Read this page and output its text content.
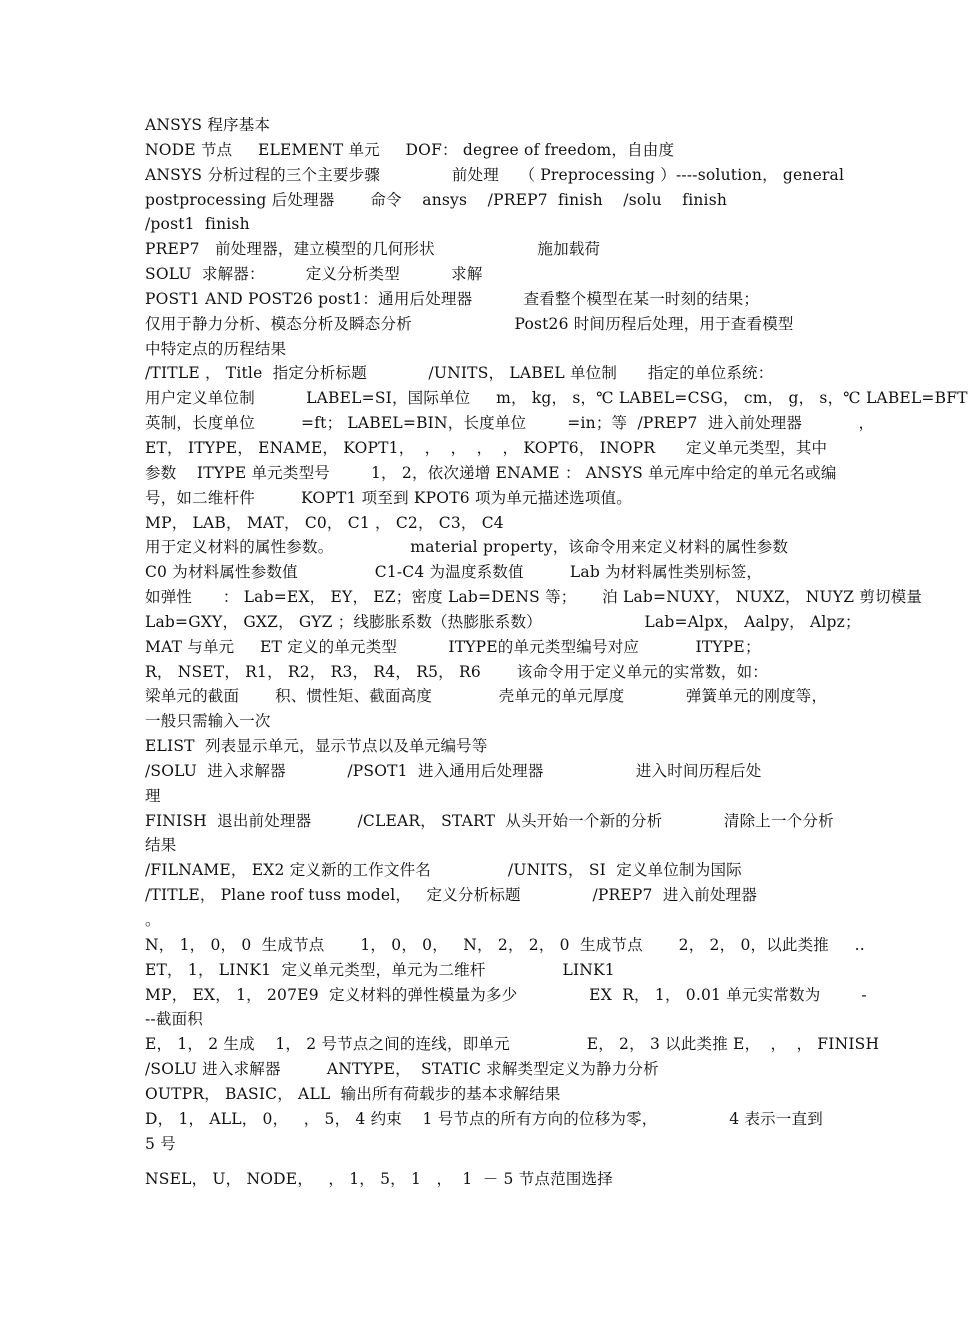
ANSYS 程序基本
NODE 节点     ELEMENT 单元     DOF： degree of freedom，自由度
ANSYS 分析过程的三个主要步骤              前处理    （ Preprocessing ）----solution， general
postprocessing 后处理器       命令    ansys    /PREP7  finish    /solu    finish
/post1  finish
PREP7   前处理器，建立模型的几何形状                    施加载荷
SOLU  求解器：        定义分析类型          求解
POST1 AND POST26 post1：通用后处理器          查看整个模型在某一时刻的结果；
仅用于静力分析、模态分析及瞬态分析                    Post26 时间历程后处理，用于查看模型
中特定点的历程结果
/TITLE ， Title  指定分析标题            /UNITS， LABEL 单位制      指定的单位系统：
用户定义单位制          LABEL=SI，国际单位     m， kg， s，℃ LABEL=CSG， cm， g， s，℃ LABEL=BFT
英制，长度单位         =ft； LABEL=BIN，长度单位        =in；等  /PREP7  进入前处理器           ，
ET， ITYPE， ENAME， KOPT1，  ，  ，  ，  ， KOPT6， INOPR      定义单元类型，其中
参数    ITYPE 单元类型号        1， 2，依次递增 ENAME ： ANSYS 单元库中给定的单元名或编
号，如二维杆件         KOPT1 项至到 KPOT6 项为单元描述选项值。
MP， LAB， MAT， C0， C1 ， C2， C3， C4
用于定义材料的属性参数。               material property，该命令用来定义材料的属性参数
C0 为材料属性参数值               C1-C4 为温度系数值         Lab 为材料属性类别标签，
如弹性      ： Lab=EX， EY， EZ；密度 Lab=DENS 等；     泊 Lab=NUXY， NUXZ， NUYZ 剪切模量
Lab=GXY， GXZ， GYZ ；线膨胀系数（热膨胀系数）                    Lab=Alpx， Aalpy， Alpz；
MAT 与单元     ET 定义的单元类型          ITYPE的单元类型编号对应           ITYPE；
R， NSET， R1， R2， R3， R4， R5， R6       该命令用于定义单元的实常数，如：
梁单元的截面       积、惯性矩、截面高度             壳单元的单元厚度            弹簧单元的刚度等，
一般只需输入一次
ELIST  列表显示单元，显示节点以及单元编号等
/SOLU  进入求解器            /PSOT1  进入通用后处理器                  进入时间历程后处
理
FINISH  退出前处理器         /CLEAR， START  从头开始一个新的分析            清除上一个分析
结果
/FILNAME， EX2 定义新的工作文件名               /UNITS， SI  定义单位制为国际
/TITLE， Plane roof tuss model，   定义分析标题              /PREP7  进入前处理器
。
N， 1， 0， 0  生成节点       1， 0， 0，   N， 2， 2， 0  生成节点       2， 2， 0，以此类推     ..
ET， 1， LINK1  定义单元类型，单元为二维杆               LINK1
MP， EX， 1， 207E9  定义材料的弹性模量为多少              EX  R， 1， 0.01 单元实常数为        -
--截面积
E， 1， 2 生成    1， 2 号节点之间的连线，即单元               E， 2， 3 以此类推 E，  ，  ， FINISH
/SOLU 进入求解器         ANTYPE，  STATIC 求解类型定义为静力分析
OUTPR， BASIC， ALL  输出所有荷载步的基本求解结果
D， 1， ALL， 0，   ， 5， 4 约束    1 号节点的所有方向的位移为零，              4 表示一直到
5 号
NSEL， U， NODE，   ， 1， 5， 1   ，  1  － 5 节点范围选择
